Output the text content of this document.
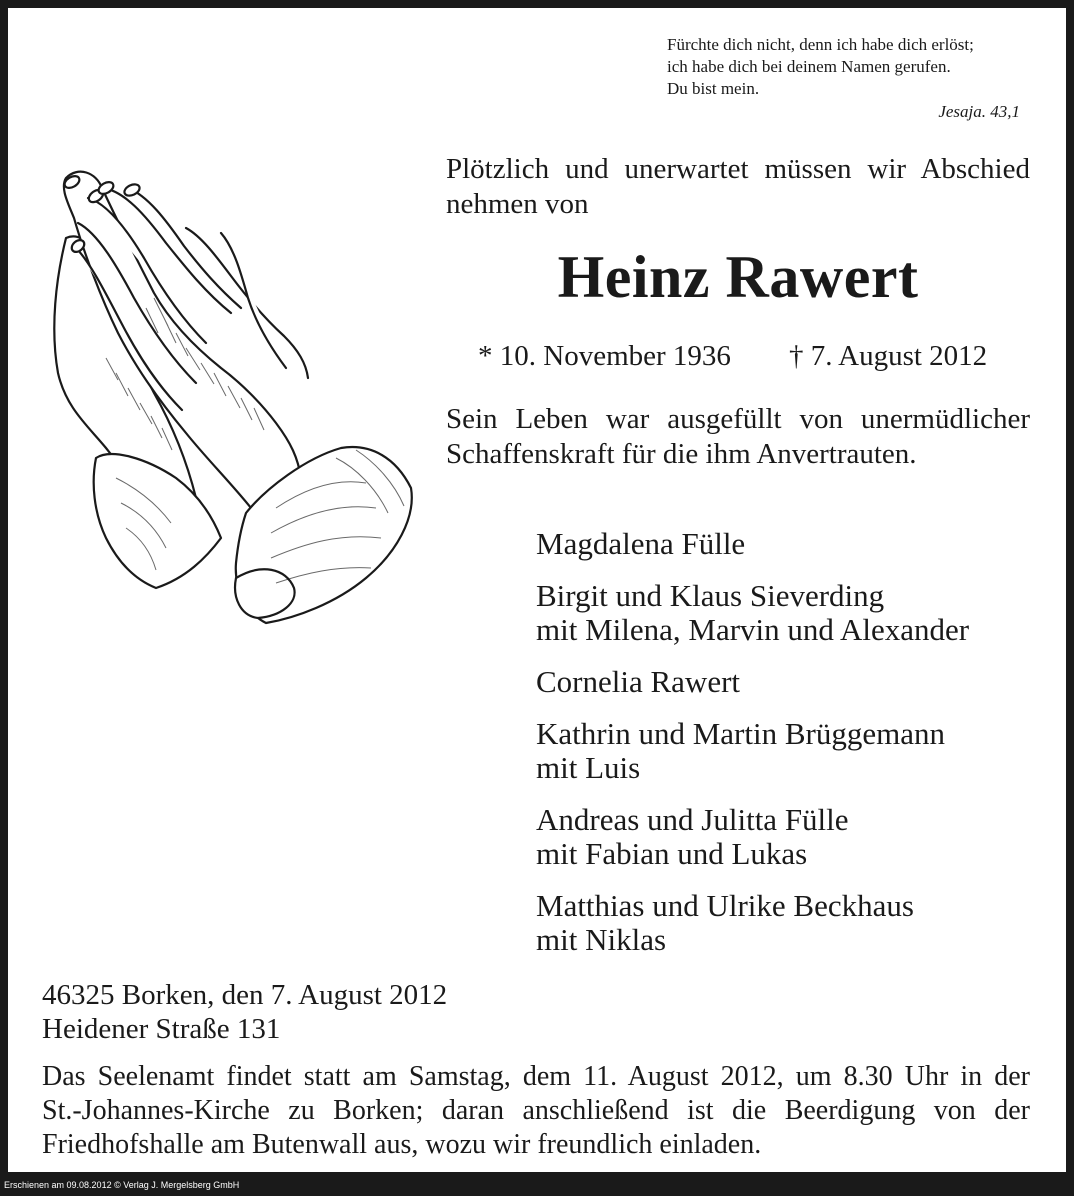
Fürchte dich nicht, denn ich habe dich erlöst;
ich habe dich bei deinem Namen gerufen.
Du bist mein.
Jesaja. 43,1
Plötzlich und unerwartet müssen wir Abschied nehmen von
Heinz Rawert
* 10. November 1936 † 7. August 2012
Sein Leben war ausgefüllt von unermüdlicher Schaffenskraft für die ihm Anvertrauten.
Magdalena Fülle
Birgit und Klaus Sieverding
mit Milena, Marvin und Alexander
Cornelia Rawert
Kathrin und Martin Brüggemann
mit Luis
Andreas und Julitta Fülle
mit Fabian und Lukas
Matthias und Ulrike Beckhaus
mit Niklas
46325 Borken, den 7. August 2012
Heidener Straße 131
Das Seelenamt findet statt am Samstag, dem 11. August 2012, um 8.30 Uhr in der
St.-Johannes-Kirche zu Borken; daran anschließend ist die Beerdigung von der
Friedhofshalle am Butenwall aus, wozu wir freundlich einladen.
Erschienen am 09.08.2012 © Verlag J. Mergelsberg GmbH
